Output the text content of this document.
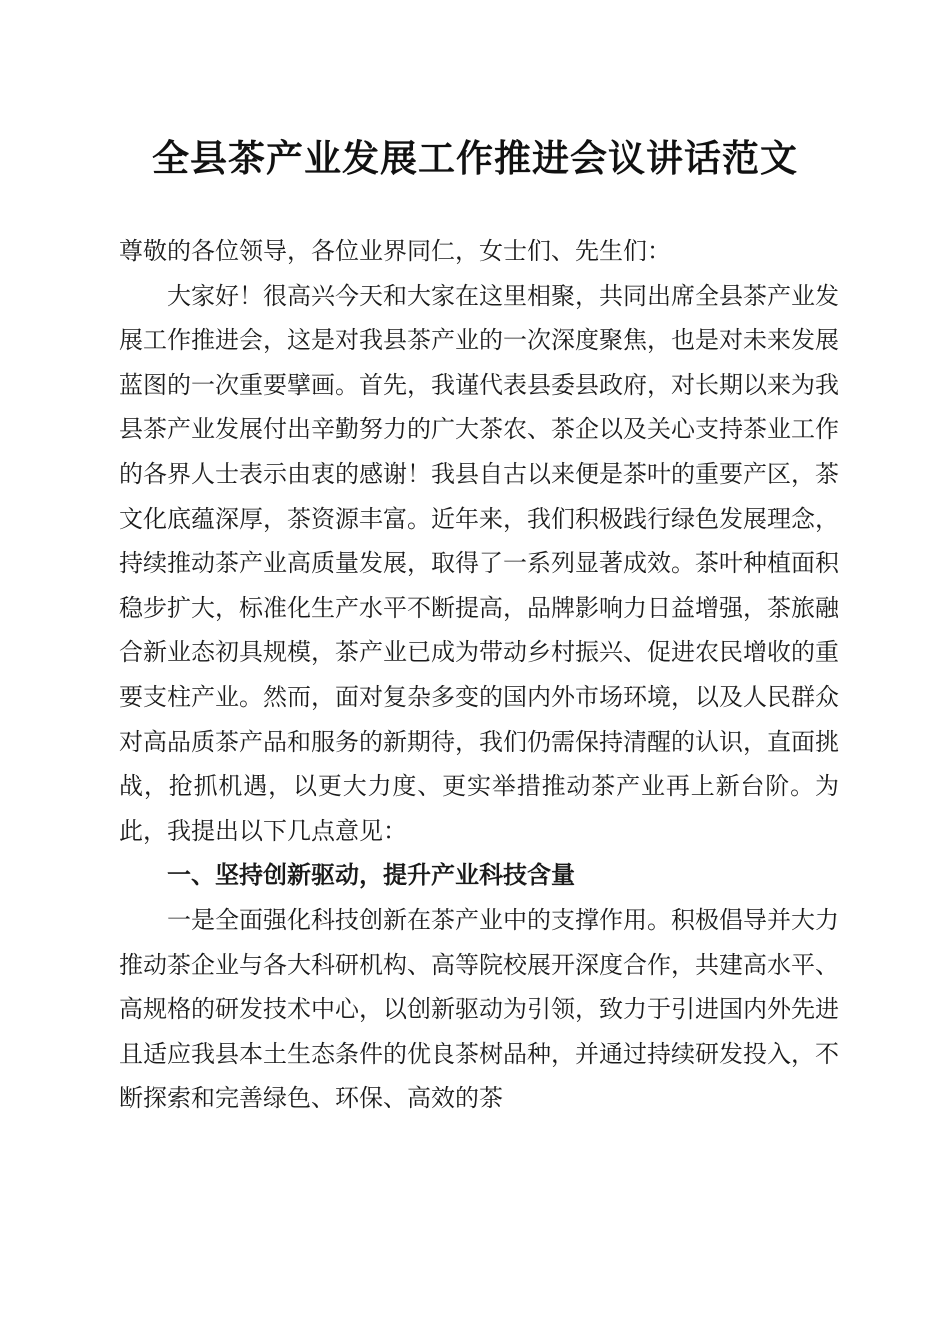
全县茶产业发展工作推进会议讲话范文

尊敬的各位领导，各位业界同仁，女士们、先生们：

大家好！很高兴今天和大家在这里相聚，共同出席全县茶产业发展工作推进会，这是对我县茶产业的一次深度聚焦，也是对未来发展蓝图的一次重要擘画。首先，我谨代表县委县政府，对长期以来为我县茶产业发展付出辛勤努力的广大茶农、茶企以及关心支持茶业工作的各界人士表示由衷的感谢！我县自古以来便是茶叶的重要产区，茶文化底蕴深厚，茶资源丰富。近年来，我们积极践行绿色发展理念，持续推动茶产业高质量发展，取得了一系列显著成效。茶叶种植面积稳步扩大，标准化生产水平不断提高，品牌影响力日益增强，茶旅融合新业态初具规模，茶产业已成为带动乡村振兴、促进农民增收的重要支柱产业。然而，面对复杂多变的国内外市场环境，以及人民群众对高品质茶产品和服务的新期待，我们仍需保持清醒的认识，直面挑战，抢抓机遇，以更大力度、更实举措推动茶产业再上新台阶。为此，我提出以下几点意见：

一、坚持创新驱动，提升产业科技含量

一是全面强化科技创新在茶产业中的支撑作用。积极倡导并大力推动茶企业与各大科研机构、高等院校展开深度合作，共建高水平、高规格的研发技术中心，以创新驱动为引领，致力于引进国内外先进且适应我县本土生态条件的优良茶树品种，并通过持续研发投入，不断探索和完善绿色、环保、高效的茶
